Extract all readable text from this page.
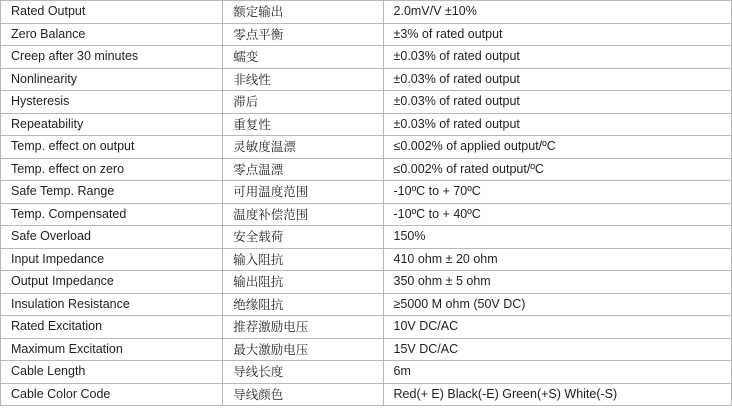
Rated Output	额定输出	2.0mV/V ±10%
Zero Balance	零点平衡	±3% of rated output
Creep after 30 minutes	蠕变	±0.03% of rated output
Nonlinearity	非线性	±0.03% of rated output
Hysteresis	滞后	±0.03% of rated output
Repeatability	重复性	±0.03% of rated output
Temp. effect on output	灵敏度温漂	≤0.002% of applied output/ºC
Temp. effect on zero	零点温漂	≤0.002% of rated output/ºC
Safe Temp. Range	可用温度范围	-10ºC to + 70ºC
Temp. Compensated	温度补偿范围	-10ºC to + 40ºC
Safe Overload	安全载荷	150%
Input Impedance	输入阻抗	410 ohm ± 20 ohm
Output Impedance	输出阻抗	350 ohm ± 5 ohm
Insulation Resistance	绝缘阻抗	≥5000 M ohm (50V DC)
Rated Excitation	推荐激励电压	10V DC/AC
Maximum Excitation	最大激励电压	15V DC/AC
Cable Length	导线长度	6m
Cable Color Code	导线颜色	Red(+ E) Black(-E) Green(+S) White(-S)
